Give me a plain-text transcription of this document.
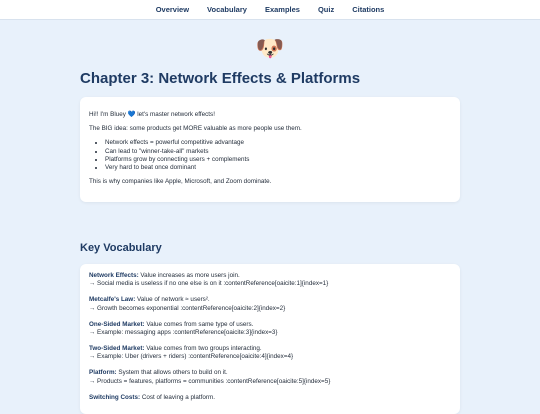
Overview Vocabulary Examples Quiz Citations
🐶
Chapter 3: Network Effects & Platforms

Hi!! I'm Bluey 💙 let's master network effects!

The BIG idea: some products get MORE valuable as more people use them.

• Network effects = powerful competitive advantage
• Can lead to "winner-take-all" markets
• Platforms grow by connecting users + complements
• Very hard to beat once dominant

This is why companies like Apple, Microsoft, and Zoom dominate.

Key Vocabulary
Network Effects: Value increases as more users join.
→ Social media is useless if no one else is on it :contentReference[oaicite:1]{index=1}
Metcalfe's Law: Value of network ≈ users².
→ Growth becomes exponential :contentReference[oaicite:2]{index=2}
One-Sided Market: Value comes from same type of users.
→ Example: messaging apps :contentReference[oaicite:3]{index=3}
Two-Sided Market: Value comes from two groups interacting.
→ Example: Uber (drivers + riders) :contentReference[oaicite:4]{index=4}
Platform: System that allows others to build on it.
→ Products = features, platforms = communities :contentReference[oaicite:5]{index=5}
Switching Costs: Cost of leaving a platform.
